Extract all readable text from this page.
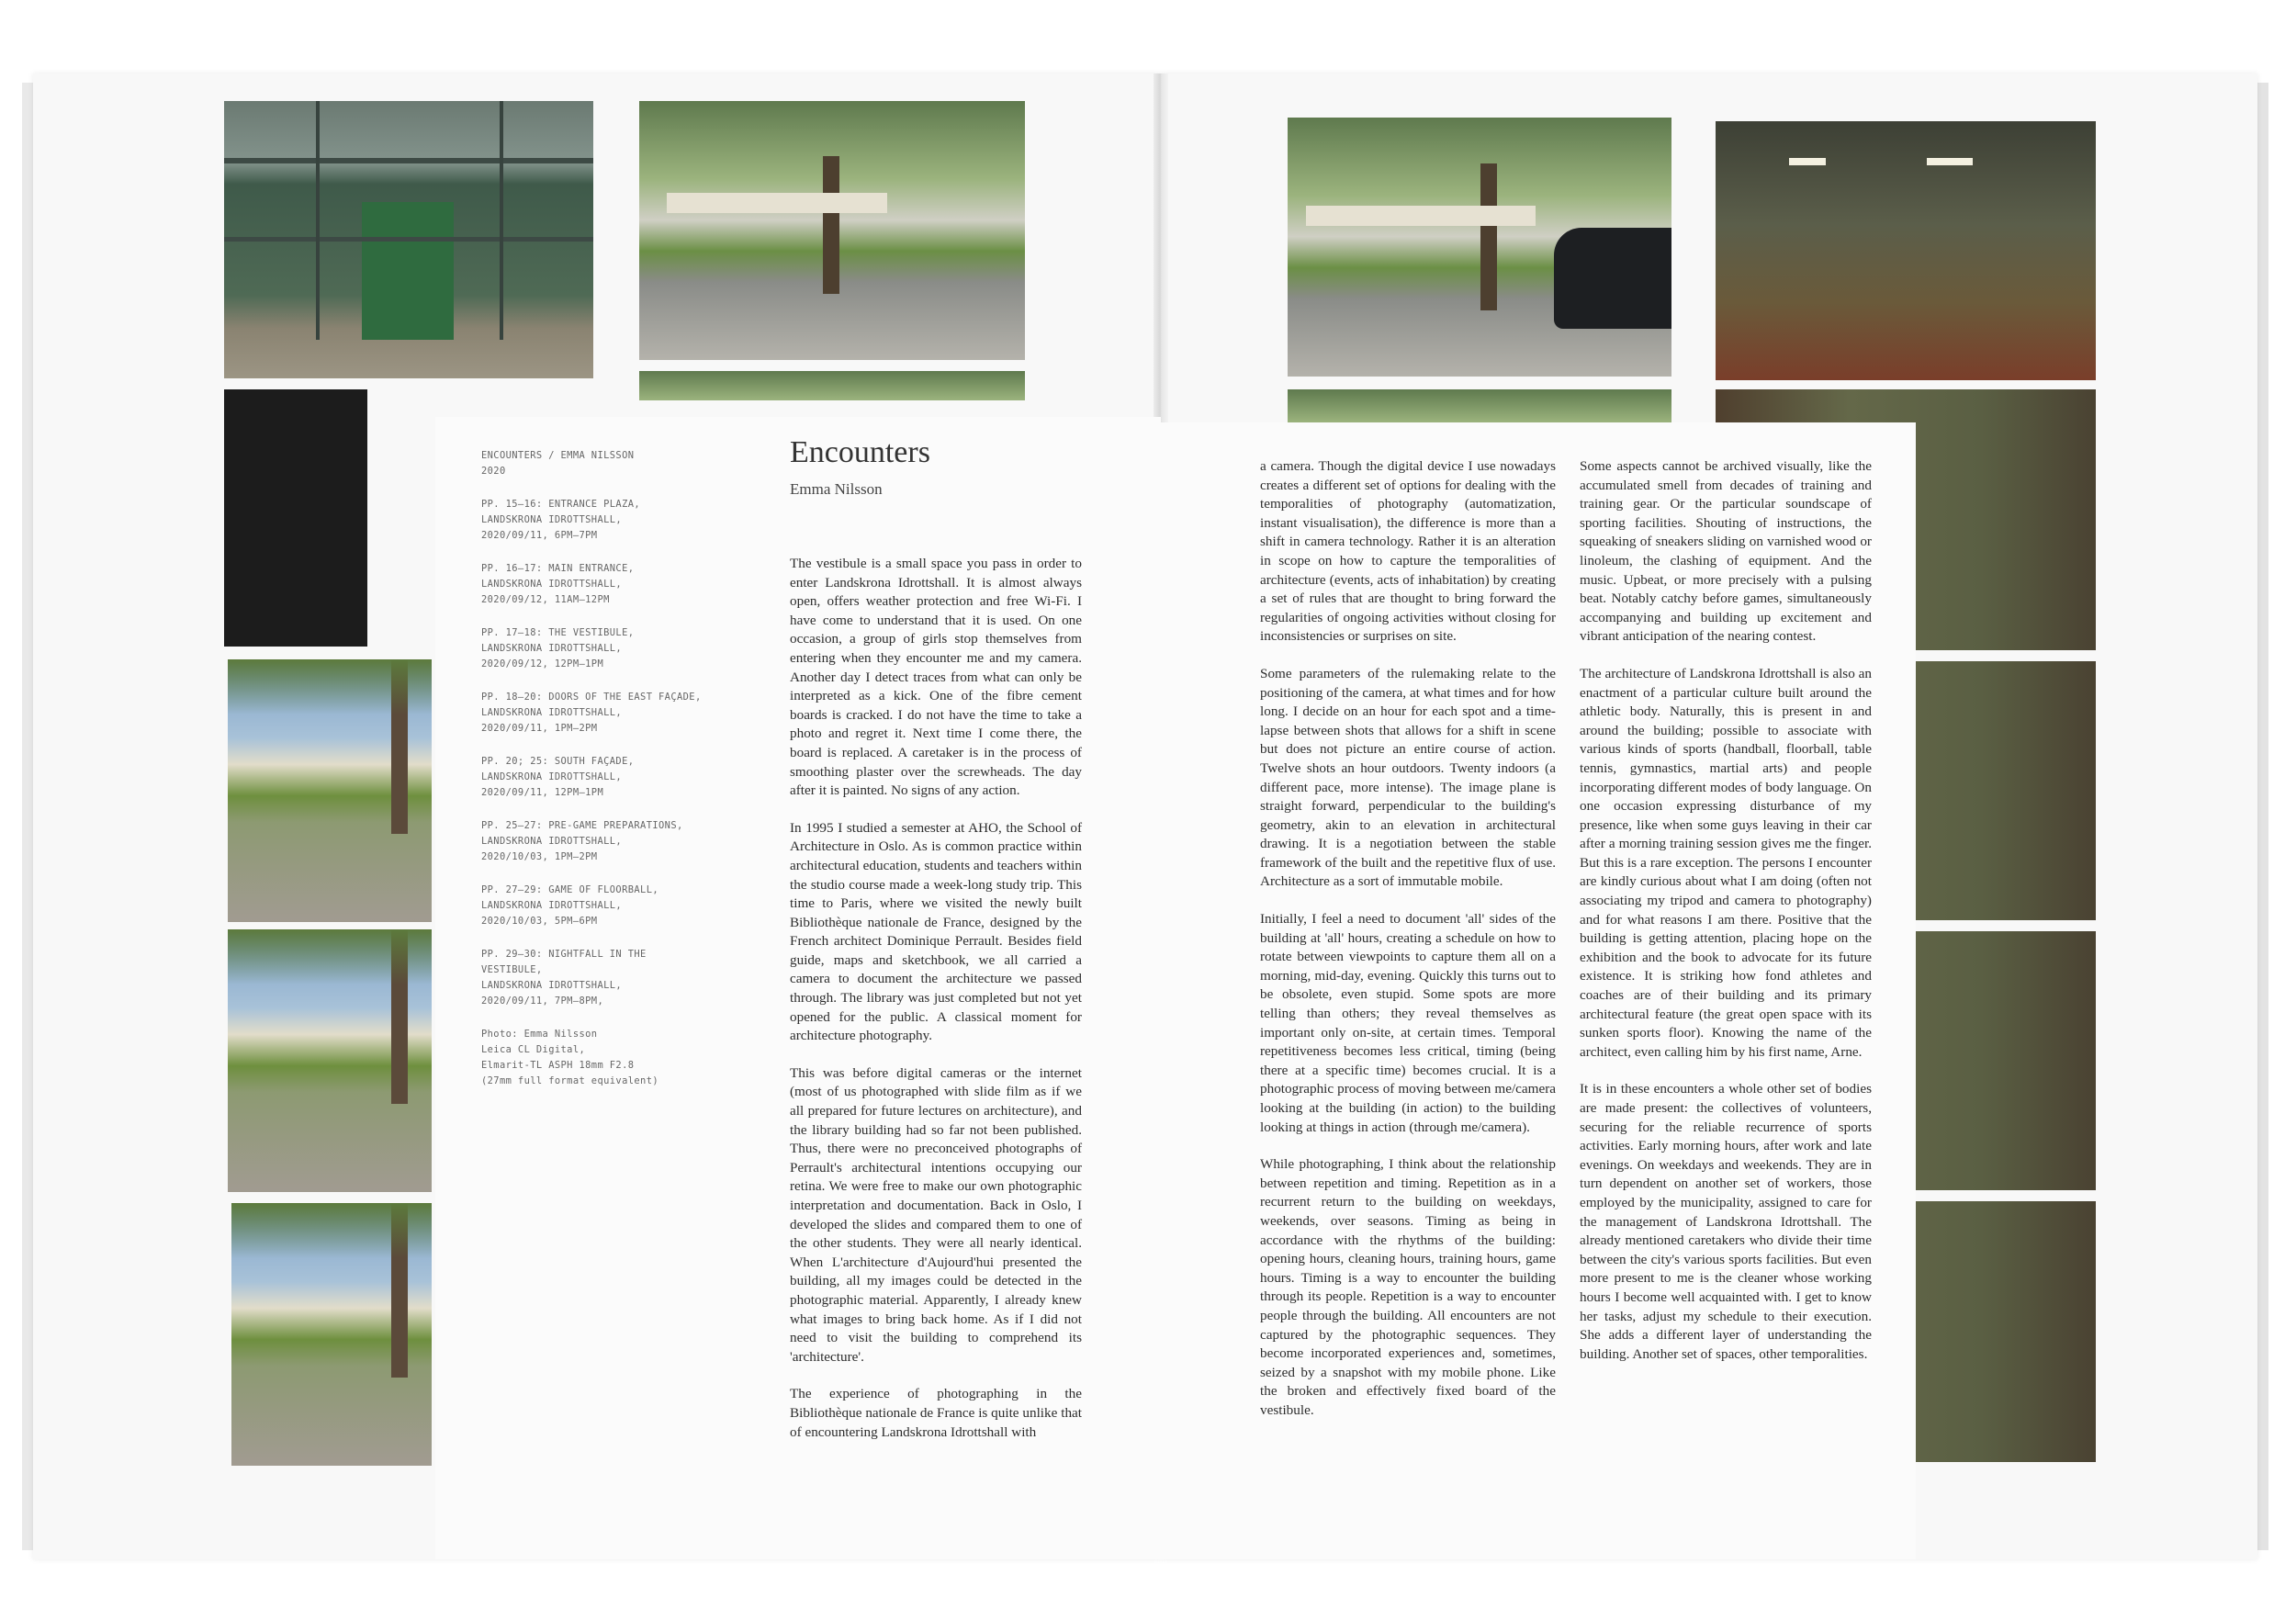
ENCOUNTERS / EMMA NILSSON
2020
PP. 15–16: ENTRANCE PLAZA,
LANDSKRONA IDROTTSHALL,
2020/09/11, 6PM–7PM
PP. 16–17: MAIN ENTRANCE,
LANDSKRONA IDROTTSHALL,
2020/09/12, 11AM–12PM
PP. 17–18: THE VESTIBULE,
LANDSKRONA IDROTTSHALL,
2020/09/12, 12PM–1PM
PP. 18–20: DOORS OF THE EAST FAÇADE,
LANDSKRONA IDROTTSHALL,
2020/09/11, 1PM–2PM
PP. 20; 25: SOUTH FAÇADE,
LANDSKRONA IDROTTSHALL,
2020/09/11, 12PM–1PM
PP. 25–27: PRE-GAME PREPARATIONS,
LANDSKRONA IDROTTSHALL,
2020/10/03, 1PM–2PM
PP. 27–29: GAME OF FLOORBALL,
LANDSKRONA IDROTTSHALL,
2020/10/03, 5PM–6PM
PP. 29–30: NIGHTFALL IN THE VESTIBULE,
LANDSKRONA IDROTTSHALL,
2020/09/11, 7PM–8PM,
Photo: Emma Nilsson
Leica CL Digital,
Elmarit-TL ASPH 18mm F2.8
(27mm full format equivalent)
Encounters
Emma Nilsson

The vestibule is a small space you pass in order to enter Landskrona Idrottshall. It is almost always open, offers weather protection and free Wi-Fi. I have come to understand that it is used. On one occasion, a group of girls stop themselves from entering when they encounter me and my camera. Another day I detect traces from what can only be interpreted as a kick. One of the fibre cement boards is cracked. I do not have the time to take a photo and regret it. Next time I come there, the board is replaced. A caretaker is in the process of smoothing plaster over the screwheads. The day after it is painted. No signs of any action.

In 1995 I studied a semester at AHO, the School of Architecture in Oslo. As is common practice within architectural education, students and teachers within the studio course made a week-long study trip. This time to Paris, where we visited the newly built Bibliothèque nationale de France, designed by the French architect Dominique Perrault. Besides field guide, maps and sketchbook, we all carried a camera to document the architecture we passed through. The library was just completed but not yet opened for the public. A classical moment for architecture photography.

This was before digital cameras or the internet (most of us photographed with slide film as if we all prepared for future lectures on architecture), and the library building had so far not been published. Thus, there were no preconceived photographs of Perrault's architectural intentions occupying our retina. We were free to make our own photographic interpretation and documentation. Back in Oslo, I developed the slides and compared them to one of the other students. They were all nearly identical. When L'architecture d'Aujourd'hui presented the building, all my images could be detected in the photographic material. Apparently, I already knew what images to bring back home. As if I did not need to visit the building to comprehend its 'architecture'.

The experience of photographing in the Bibliothèque nationale de France is quite unlike that of encountering Landskrona Idrottshall with

a camera. Though the digital device I use nowadays creates a different set of options for dealing with the temporalities of photography (automatization, instant visualisation), the difference is more than a shift in camera technology. Rather it is an alteration in scope on how to capture the temporalities of architecture (events, acts of inhabitation) by creating a set of rules that are thought to bring forward the regularities of ongoing activities without closing for inconsistencies or surprises on site.

Some parameters of the rulemaking relate to the positioning of the camera, at what times and for how long. I decide on an hour for each spot and a time-lapse between shots that allows for a shift in scene but does not picture an entire course of action. Twelve shots an hour outdoors. Twenty indoors (a different pace, more intense). The image plane is straight forward, perpendicular to the building's geometry, akin to an elevation in architectural drawing. It is a negotiation between the stable framework of the built and the repetitive flux of use. Architecture as a sort of immutable mobile.

Initially, I feel a need to document 'all' sides of the building at 'all' hours, creating a schedule on how to rotate between viewpoints to capture them all on a morning, mid-day, evening. Quickly this turns out to be obsolete, even stupid. Some spots are more telling than others; they reveal themselves as important only on-site, at certain times. Temporal repetitiveness becomes less critical, timing (being there at a specific time) becomes crucial. It is a photographic process of moving between me/camera looking at the building (in action) to the building looking at things in action (through me/camera).

While photographing, I think about the relationship between repetition and timing. Repetition as in a recurrent return to the building on weekdays, weekends, over seasons. Timing as being in accordance with the rhythms of the building: opening hours, cleaning hours, training hours, game hours. Timing is a way to encounter the building through its people. Repetition is a way to encounter people through the building. All encounters are not captured by the photographic sequences. They become incorporated experiences and, sometimes, seized by a snapshot with my mobile phone. Like the broken and effectively fixed board of the vestibule.

Some aspects cannot be archived visually, like the accumulated smell from decades of training and training gear. Or the particular soundscape of sporting facilities. Shouting of instructions, the squeaking of sneakers sliding on varnished wood or linoleum, the clashing of equipment. And the music. Upbeat, or more precisely with a pulsing beat. Notably catchy before games, simultaneously accompanying and building up excitement and vibrant anticipation of the nearing contest.

The architecture of Landskrona Idrottshall is also an enactment of a particular culture built around the athletic body. Naturally, this is present in and around the building; possible to associate with various kinds of sports (handball, floorball, table tennis, gymnastics, martial arts) and people incorporating different modes of body language. On one occasion expressing disturbance of my presence, like when some guys leaving in their car after a morning training session gives me the finger. But this is a rare exception. The persons I encounter are kindly curious about what I am doing (often not associating my tripod and camera to photography) and for what reasons I am there. Positive that the building is getting attention, placing hope on the exhibition and the book to advocate for its future existence. It is striking how fond athletes and coaches are of their building and its primary architectural feature (the great open space with its sunken sports floor). Knowing the name of the architect, even calling him by his first name, Arne.

It is in these encounters a whole other set of bodies are made present: the collectives of volunteers, securing for the reliable recurrence of sports activities. Early morning hours, after work and late evenings. On weekdays and weekends. They are in turn dependent on another set of workers, those employed by the municipality, assigned to care for the management of Landskrona Idrottshall. The already mentioned caretakers who divide their time between the city's various sports facilities. But even more present to me is the cleaner whose working hours I become well acquainted with. I get to know her tasks, adjust my schedule to their execution. She adds a different layer of understanding the building. Another set of spaces, other temporalities.
